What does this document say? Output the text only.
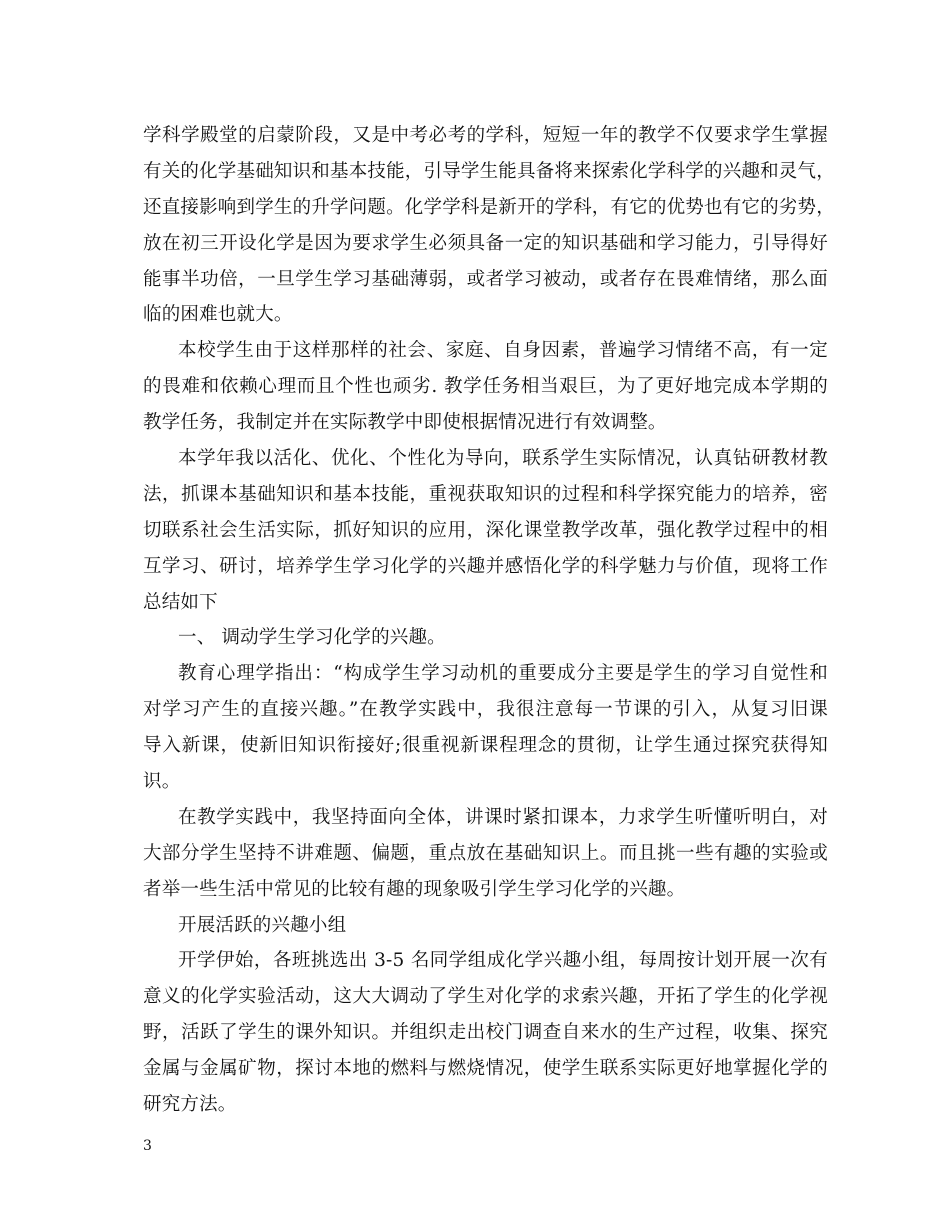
学科学殿堂的启蒙阶段，又是中考必考的学科，短短一年的教学不仅要求学生掌握
有关的化学基础知识和基本技能，引导学生能具备将来探索化学科学的兴趣和灵气，
还直接影响到学生的升学问题。化学学科是新开的学科，有它的优势也有它的劣势，
放在初三开设化学是因为要求学生必须具备一定的知识基础和学习能力，引导得好
能事半功倍，一旦学生学习基础薄弱，或者学习被动，或者存在畏难情绪，那么面
临的困难也就大。
本校学生由于这样那样的社会、家庭、自身因素，普遍学习情绪不高，有一定
的畏难和依赖心理而且个性也顽劣. 教学任务相当艰巨，为了更好地完成本学期的
教学任务，我制定并在实际教学中即使根据情况进行有效调整。
本学年我以活化、优化、个性化为导向，联系学生实际情况，认真钻研教材教
法，抓课本基础知识和基本技能，重视获取知识的过程和科学探究能力的培养，密
切联系社会生活实际，抓好知识的应用，深化课堂教学改革，强化教学过程中的相
互学习、研讨，培养学生学习化学的兴趣并感悟化学的科学魅力与价值，现将工作
总结如下
一、 调动学生学习化学的兴趣。
教育心理学指出：“构成学生学习动机的重要成分主要是学生的学习自觉性和
对学习产生的直接兴趣。”在教学实践中，我很注意每一节课的引入，从复习旧课
导入新课，使新旧知识衔接好;很重视新课程理念的贯彻，让学生通过探究获得知
识。
在教学实践中，我坚持面向全体，讲课时紧扣课本，力求学生听懂听明白，对
大部分学生坚持不讲难题、偏题，重点放在基础知识上。而且挑一些有趣的实验或
者举一些生活中常见的比较有趣的现象吸引学生学习化学的兴趣。
开展活跃的兴趣小组
开学伊始，各班挑选出 3-5 名同学组成化学兴趣小组，每周按计划开展一次有
意义的化学实验活动，这大大调动了学生对化学的求索兴趣，开拓了学生的化学视
野，活跃了学生的课外知识。并组织走出校门调查自来水的生产过程，收集、探究
金属与金属矿物，探讨本地的燃料与燃烧情况，使学生联系实际更好地掌握化学的
研究方法。
3
